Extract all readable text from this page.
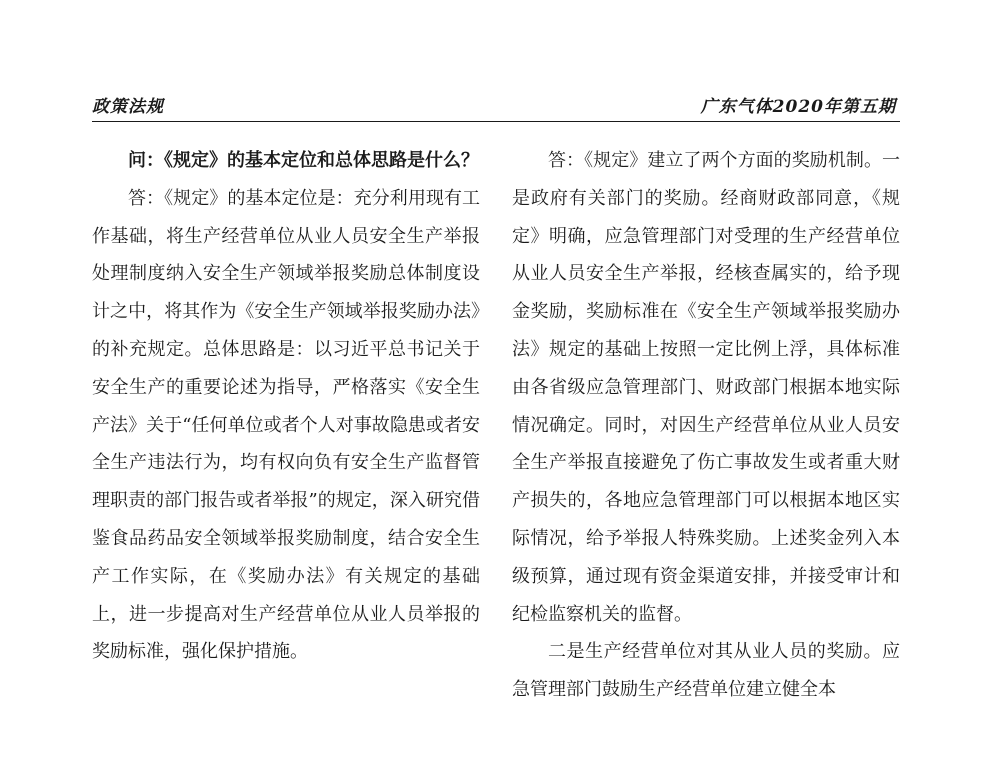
政策法规	广东气体2020年第五期

问：《规定》的基本定位和总体思路是什么？

答：《规定》的基本定位是：充分利用现有工作基础，将生产经营单位从业人员安全生产举报处理制度纳入安全生产领域举报奖励总体制度设计之中，将其作为《安全生产领域举报奖励办法》的补充规定。总体思路是：以习近平总书记关于安全生产的重要论述为指导，严格落实《安全生产法》关于“任何单位或者个人对事故隐患或者安全生产违法行为，均有权向负有安全生产监督管理职责的部门报告或者举报”的规定，深入研究借鉴食品药品安全领域举报奖励制度，结合安全生产工作实际，在《奖励办法》有关规定的基础上，进一步提高对生产经营单位从业人员举报的奖励标准，强化保护措施。

答：《规定》建立了两个方面的奖励机制。一是政府有关部门的奖励。经商财政部同意，《规定》明确，应急管理部门对受理的生产经营单位从业人员安全生产举报，经核查属实的，给予现金奖励，奖励标准在《安全生产领域举报奖励办法》规定的基础上按照一定比例上浮，具体标准由各省级应急管理部门、财政部门根据本地实际情况确定。同时，对因生产经营单位从业人员安全生产举报直接避免了伤亡事故发生或者重大财产损失的，各地应急管理部门可以根据本地区实际情况，给予举报人特殊奖励。上述奖金列入本级预算，通过现有资金渠道安排，并接受审计和纪检监察机关的监督。

二是生产经营单位对其从业人员的奖励。应急管理部门鼓励生产经营单位建立健全本
